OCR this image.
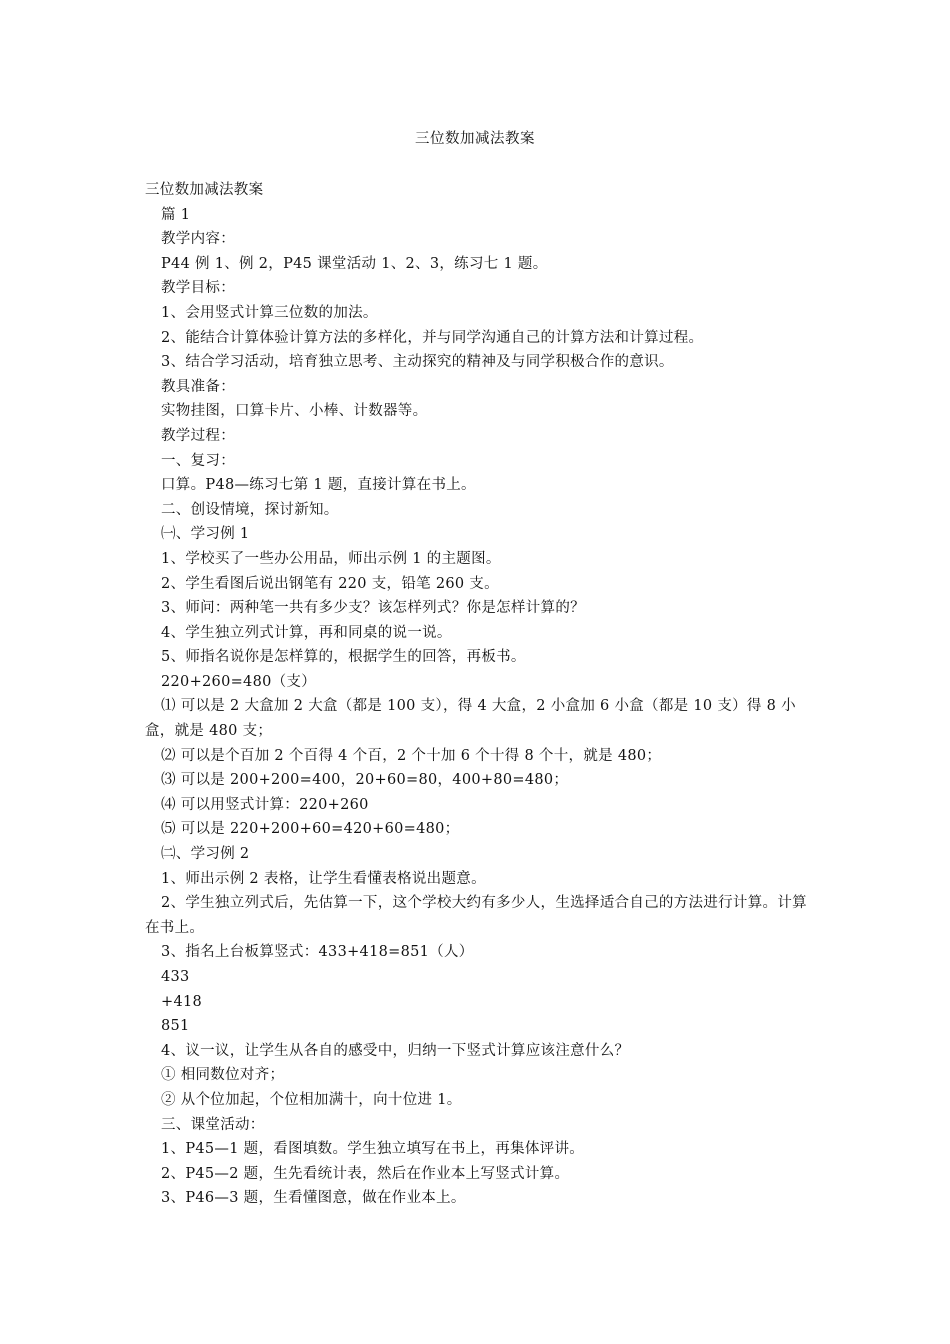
三位数加减法教案

三位数加减法教案

篇 1

教学内容：

P44 例 1、例 2，P45 课堂活动 1、2、3，练习七 1 题。

教学目标：

1、会用竖式计算三位数的加法。

2、能结合计算体验计算方法的多样化，并与同学沟通自己的计算方法和计算过程。

3、结合学习活动，培育独立思考、主动探究的精神及与同学积极合作的意识。

教具准备：

实物挂图，口算卡片、小棒、计数器等。

教学过程：

一、复习：

口算。P48—练习七第 1 题，直接计算在书上。

二、创设情境，探讨新知。

㈠、学习例 1

1、学校买了一些办公用品，师出示例 1 的主题图。

2、学生看图后说出钢笔有 220 支，铅笔 260 支。

3、师问：两种笔一共有多少支？该怎样列式？你是怎样计算的？

4、学生独立列式计算，再和同桌的说一说。

5、师指名说你是怎样算的，根据学生的回答，再板书。

220+260=480（支）

⑴ 可以是 2 大盒加 2 大盒（都是 100 支），得 4 大盒，2 小盒加 6 小盒（都是 10 支）得 8 小盒，就是 480 支；

⑵ 可以是个百加 2 个百得 4 个百，2 个十加 6 个十得 8 个十，就是 480；

⑶ 可以是 200+200=400，20+60=80，400+80=480；

⑷ 可以用竖式计算：220+260

⑸ 可以是 220+200+60=420+60=480；

㈡、学习例 2

1、师出示例 2 表格，让学生看懂表格说出题意。

2、学生独立列式后，先估算一下，这个学校大约有多少人，生选择适合自己的方法进行计算。计算在书上。

3、指名上台板算竖式：433+418=851（人）

433

+418

851

4、议一议，让学生从各自的感受中，归纳一下竖式计算应该注意什么？

① 相同数位对齐；

② 从个位加起，个位相加满十，向十位进 1。

三、课堂活动：

1、P45—1 题，看图填数。学生独立填写在书上，再集体评讲。

2、P45—2 题，生先看统计表，然后在作业本上写竖式计算。

3、P46—3 题，生看懂图意，做在作业本上。
